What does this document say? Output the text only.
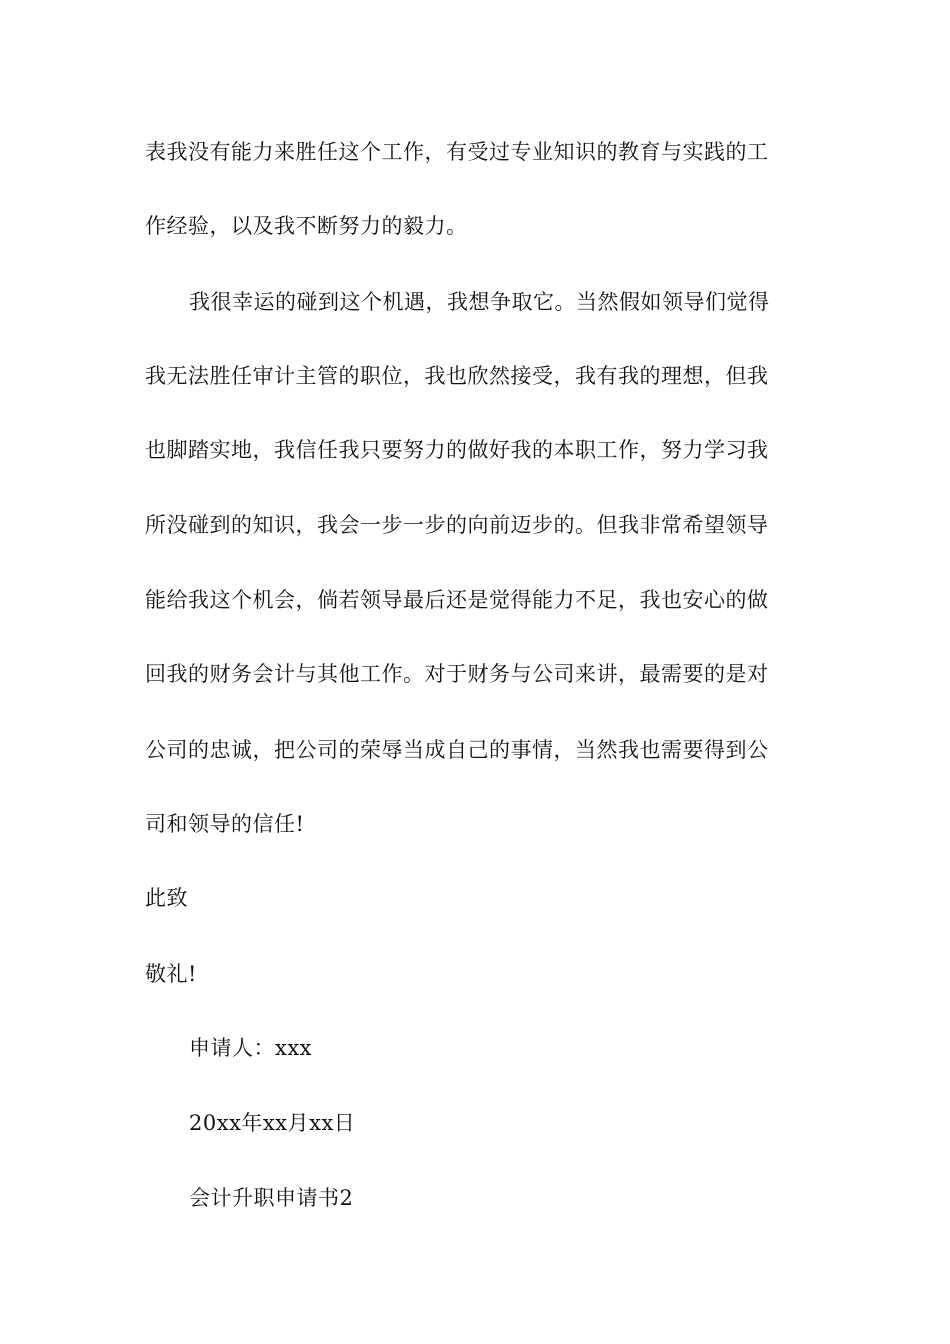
表我没有能力来胜任这个工作，有受过专业知识的教育与实践的工
作经验，以及我不断努力的毅力。
我很幸运的碰到这个机遇，我想争取它。当然假如领导们觉得
我无法胜任审计主管的职位，我也欣然接受，我有我的理想，但我
也脚踏实地，我信任我只要努力的做好我的本职工作，努力学习我
所没碰到的知识，我会一步一步的向前迈步的。但我非常希望领导
能给我这个机会，倘若领导最后还是觉得能力不足，我也安心的做
回我的财务会计与其他工作。对于财务与公司来讲，最需要的是对
公司的忠诚，把公司的荣辱当成自己的事情，当然我也需要得到公
司和领导的信任!
此致
敬礼!
申请人：xxx
20xx年xx月xx日
会计升职申请书2
